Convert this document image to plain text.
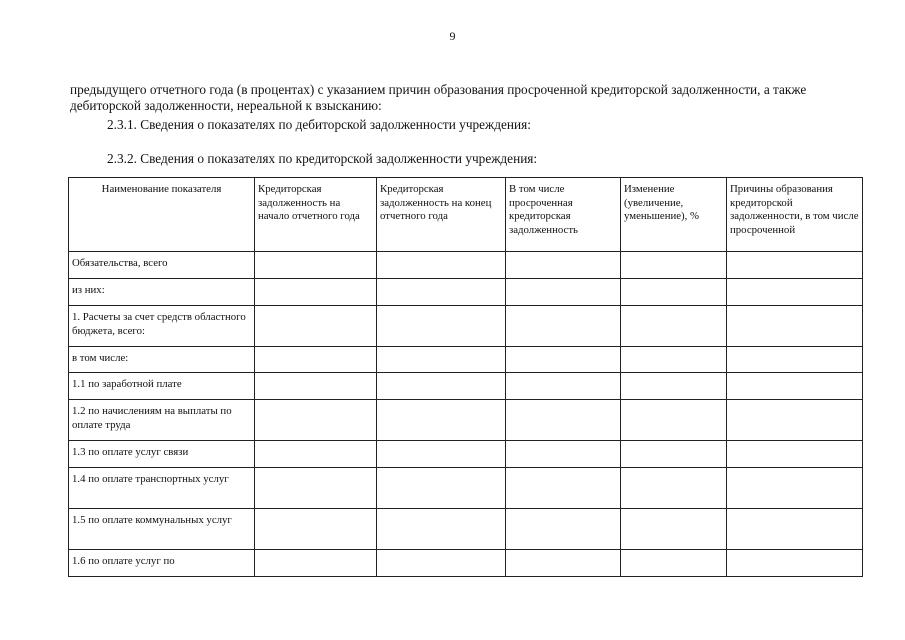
9
предыдущего отчетного года (в процентах) с указанием причин образования просроченной кредиторской задолженности, а также дебиторской задолженности, нереальной к взысканию:
2.3.1. Сведения о показателях по дебиторской задолженности учреждения:
2.3.2. Сведения о показателях по кредиторской задолженности учреждения:
Наименование показателя	Кредиторская задолженность на начало отчетного года	Кредиторская задолженность на конец отчетного года	В том числе просроченная кредиторская задолженность	Изменение (увеличение, уменьшение), %	Причины образования кредиторской задолженности, в том числе просроченной
Обязательства, всего					
из них:					
1. Расчеты за счет средств областного бюджета, всего:					
в том числе:					
1.1 по заработной плате					
1.2 по начислениям на выплаты по оплате труда					
1.3 по оплате услуг связи					
1.4 по оплате транспортных услуг					
1.5 по оплате коммунальных услуг					
1.6 по оплате услуг по					
